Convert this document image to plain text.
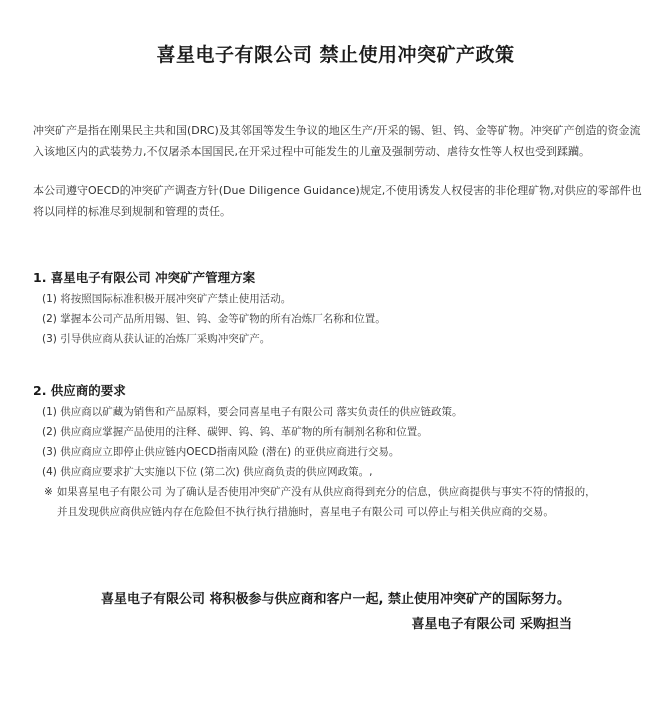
喜星电子有限公司 禁止使用冲突矿产政策
冲突矿产是指在刚果民主共和国(DRC)及其邻国等发生争议的地区生产/开采的锡、钽、钨、金等矿物。冲突矿产创造的资金流入该地区内的武装势力,不仅屠杀本国国民,在开采过程中可能发生的儿童及强制劳动、虐待女性等人权也受到蹂躏。
本公司遵守OECD的冲突矿产调查方针(Due Diligence Guidance)规定,不使用诱发人权侵害的非伦理矿物,对供应的零部件也将以同样的标准尽到规制和管理的责任。
1. 喜星电子有限公司 冲突矿产管理方案
(1) 将按照国际标准积极开展冲突矿产禁止使用活动。
(2) 掌握本公司产品所用锡、钽、钨、金等矿物的所有冶炼厂名称和位置。
(3) 引导供应商从获认证的冶炼厂采购冲突矿产。
2. 供应商的要求
(1) 供应商以矿藏为销售和产品原料，要会同喜星电子有限公司 落实负责任的供应链政策。
(2) 供应商应掌握产品使用的注释、碳钾、钨、钨、革矿物的所有制剂名称和位置。
(3) 供应商应立即停止供应链内OECD指南风险 (潜在) 的亚供应商进行交易。
(4) 供应商应要求扩大实施以下位 (第二次) 供应商负责的供应网政策。,
※ 如果喜星电子有限公司 为了确认是否使用冲突矿产没有从供应商得到充分的信息，供应商提供与事实不符的情报的，
并且发现供应商供应链内存在危险但不执行执行措施时，喜星电子有限公司 可以停止与相关供应商的交易。
喜星电子有限公司 将积极参与供应商和客户一起, 禁止使用冲突矿产的国际努力。
喜星电子有限公司 采购担当
